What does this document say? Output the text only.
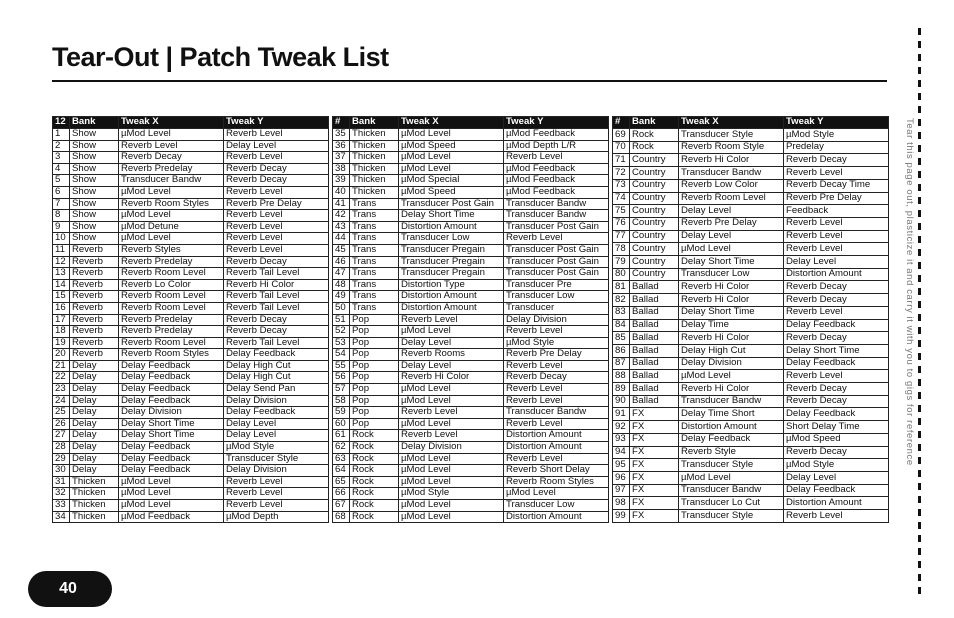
Tear-Out | Patch Tweak List
12	Bank	Tweak X	Tweak Y
1	Show	µMod Level	Reverb Level
2	Show	Reverb Level	Delay Level
3	Show	Reverb Decay	Reverb Level
4	Show	Reverb Predelay	Reverb Decay
5	Show	Transducer Bandw	Reverb Decay
6	Show	µMod Level	Reverb Level
7	Show	Reverb Room Styles	Reverb Pre Delay
8	Show	µMod Level	Reverb Level
9	Show	µMod Detune	Reverb Level
10	Show	µMod Level	Reverb Level
11	Reverb	Reverb Styles	Reverb Level
12	Reverb	Reverb Predelay	Reverb Decay
13	Reverb	Reverb Room Level	Reverb Tail Level
14	Reverb	Reverb Lo Color	Reverb Hi Color
15	Reverb	Reverb Room Level	Reverb Tail Level
16	Reverb	Reverb Room Level	Reverb Tail Level
17	Reverb	Reverb Predelay	Reverb Decay
18	Reverb	Reverb Predelay	Reverb Decay
19	Reverb	Reverb Room Level	Reverb Tail Level
20	Reverb	Reverb Room Styles	Delay Feedback
21	Delay	Delay Feedback	Delay High Cut
22	Delay	Delay Feedback	Delay High Cut
23	Delay	Delay Feedback	Delay Send Pan
24	Delay	Delay Feedback	Delay Division
25	Delay	Delay Division	Delay Feedback
26	Delay	Delay Short Time	Delay Level
27	Delay	Delay Short Time	Delay Level
28	Delay	Delay Feedback	µMod Style
29	Delay	Delay Feedback	Transducer Style
30	Delay	Delay Feedback	Delay Division
31	Thicken	µMod Level	Reverb Level
32	Thicken	µMod Level	Reverb Level
33	Thicken	µMod Level	Reverb Level
34	Thicken	µMod Feedback	µMod Depth
#	Bank	Tweak X	Tweak Y
35	Thicken	µMod Level	µMod Feedback
36	Thicken	µMod Speed	µMod Depth L/R
37	Thicken	µMod Level	Reverb Level
38	Thicken	µMod Level	µMod Feedback
39	Thicken	µMod Special	µMod Feedback
40	Thicken	µMod Speed	µMod Feedback
41	Trans	Transducer Post Gain	Transducer Bandw
42	Trans	Delay Short Time	Transducer Bandw
43	Trans	Distortion Amount	Transducer Post Gain
44	Trans	Transducer Low	Reverb Level
45	Trans	Transducer Pregain	Transducer Post Gain
46	Trans	Transducer Pregain	Transducer Post Gain
47	Trans	Transducer Pregain	Transducer Post Gain
48	Trans	Distortion Type	Transducer Pre
49	Trans	Distortion Amount	Transducer Low
50	Trans	Distortion Amount	Transducer
51	Pop	Reverb Level	Delay Division
52	Pop	µMod Level	Reverb Level
53	Pop	Delay Level	µMod Style
54	Pop	Reverb Rooms	Reverb Pre Delay
55	Pop	Delay Level	Reverb Level
56	Pop	Reverb Hi Color	Reverb Decay
57	Pop	µMod Level	Reverb Level
58	Pop	µMod Level	Reverb Level
59	Pop	Reverb Level	Transducer Bandw
60	Pop	µMod Level	Reverb Level
61	Rock	Reverb Level	Distortion Amount
62	Rock	Delay Division	Distortion Amount
63	Rock	µMod Level	Reverb Level
64	Rock	µMod Level	Reverb Short Delay
65	Rock	µMod Level	Reverb Room Styles
66	Rock	µMod Style	µMod Level
67	Rock	µMod Level	Transducer Low
68	Rock	µMod Level	Distortion Amount
#	Bank	Tweak X	Tweak Y
69	Rock	Transducer Style	µMod Style
70	Rock	Reverb Room Style	Predelay
71	Country	Reverb Hi Color	Reverb Decay
72	Country	Transducer Bandw	Reverb Level
73	Country	Reverb Low Color	Reverb Decay Time
74	Country	Reverb Room Level	Reverb Pre Delay
75	Country	Delay Level	Feedback
76	Country	Reverb Pre Delay	Reverb Level
77	Country	Delay Level	Reverb Level
78	Country	µMod Level	Reverb Level
79	Country	Delay Short Time	Delay Level
80	Country	Transducer Low	Distortion Amount
81	Ballad	Reverb Hi Color	Reverb Decay
82	Ballad	Reverb Hi Color	Reverb Decay
83	Ballad	Delay Short Time	Reverb Level
84	Ballad	Delay Time	Delay Feedback
85	Ballad	Reverb Hi Color	Reverb Decay
86	Ballad	Delay High Cut	Delay Short Time
87	Ballad	Delay Division	Delay Feedback
88	Ballad	µMod Level	Reverb Level
89	Ballad	Reverb Hi Color	Reverb Decay
90	Ballad	Transducer Bandw	Reverb Decay
91	FX	Delay Time Short	Delay Feedback
92	FX	Distortion Amount	Short Delay Time
93	FX	Delay Feedback	µMod Speed
94	FX	Reverb Style	Reverb Decay
95	FX	Transducer Style	µMod Style
96	FX	µMod Level	Delay Level
97	FX	Transducer Bandw	Delay Feedback
98	FX	Transducer Lo Cut	Distortion Amount
99	FX	Transducer Style	Reverb Level
Tear this page out, plasticize it and carry it with you to gigs for reference
40
